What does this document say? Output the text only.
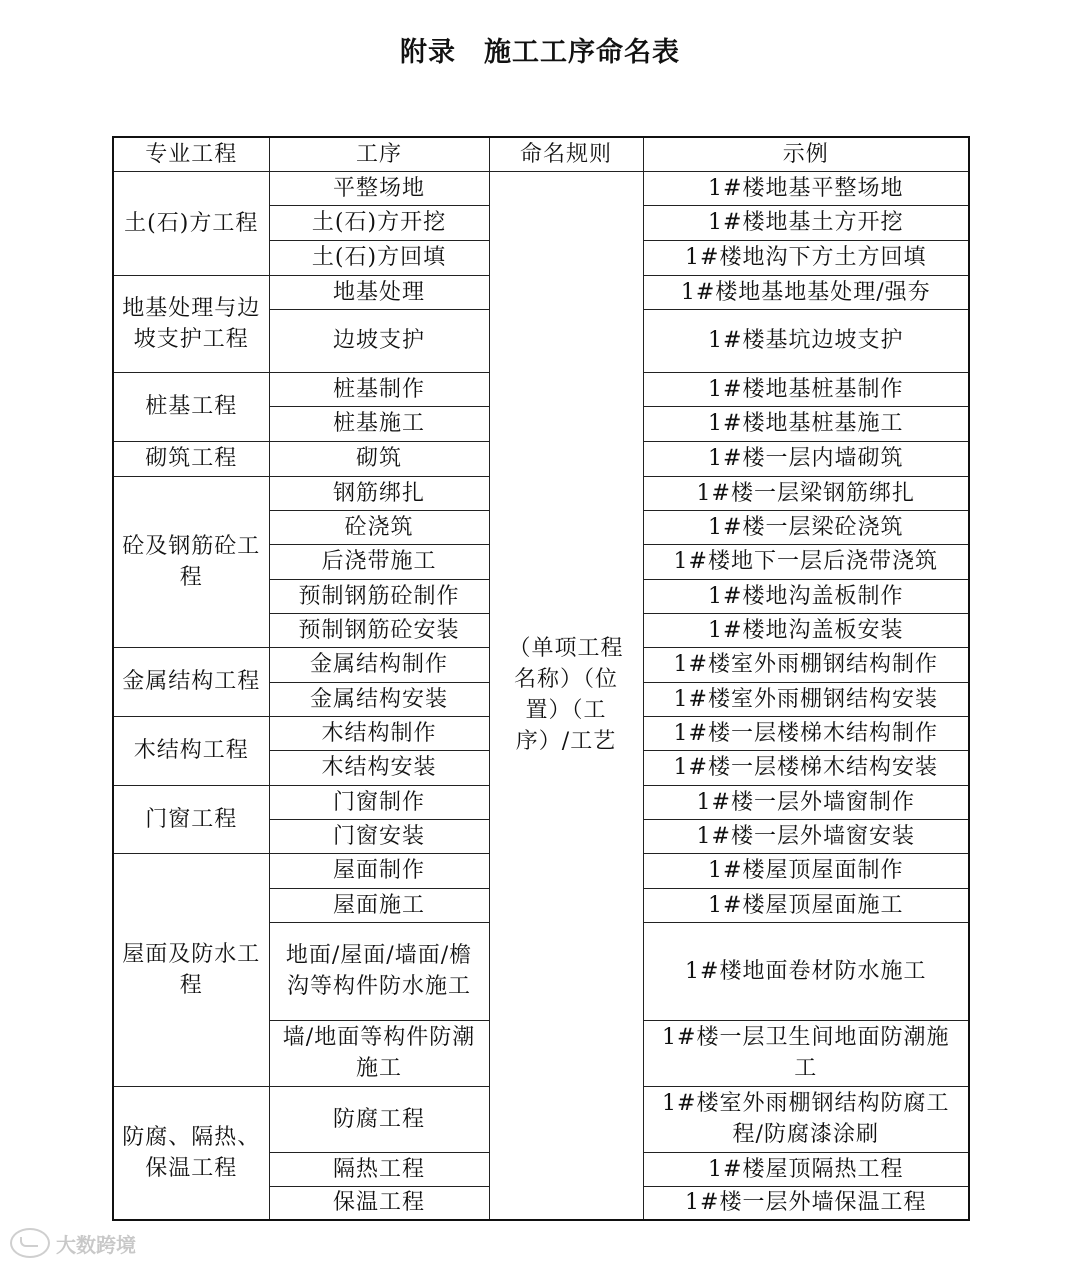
附录 施工工序命名表
专业工程	工序	命名规则	示例
土(石)方工程	平整场地	（单项工程名称）（位置）（工序）/工艺	1#楼地基平整场地
	土(石)方开挖		1#楼地基土方开挖
	土(石)方回填		1#楼地沟下方土方回填
地基处理与边坡支护工程	地基处理		1#楼地基地基处理/强夯
	边坡支护		1#楼基坑边坡支护
桩基工程	桩基制作		1#楼地基桩基制作
	桩基施工		1#楼地基桩基施工
砌筑工程	砌筑		1#楼一层内墙砌筑
砼及钢筋砼工程	钢筋绑扎		1#楼一层梁钢筋绑扎
	砼浇筑		1#楼一层梁砼浇筑
	后浇带施工		1#楼地下一层后浇带浇筑
	预制钢筋砼制作		1#楼地沟盖板制作
	预制钢筋砼安装		1#楼地沟盖板安装
金属结构工程	金属结构制作		1#楼室外雨棚钢结构制作
	金属结构安装		1#楼室外雨棚钢结构安装
木结构工程	木结构制作		1#楼一层楼梯木结构制作
	木结构安装		1#楼一层楼梯木结构安装
门窗工程	门窗制作		1#楼一层外墙窗制作
	门窗安装		1#楼一层外墙窗安装
屋面及防水工程	屋面制作		1#楼屋顶屋面制作
	屋面施工		1#楼屋顶屋面施工
	地面/屋面/墙面/檐沟等构件防水施工		1#楼地面卷材防水施工
	墙/地面等构件防潮施工		1#楼一层卫生间地面防潮施工
防腐、隔热、保温工程	防腐工程		1#楼室外雨棚钢结构防腐工程/防腐漆涂刷
	隔热工程		1#楼屋顶隔热工程
	保温工程		1#楼一层外墙保温工程
大数跨境
